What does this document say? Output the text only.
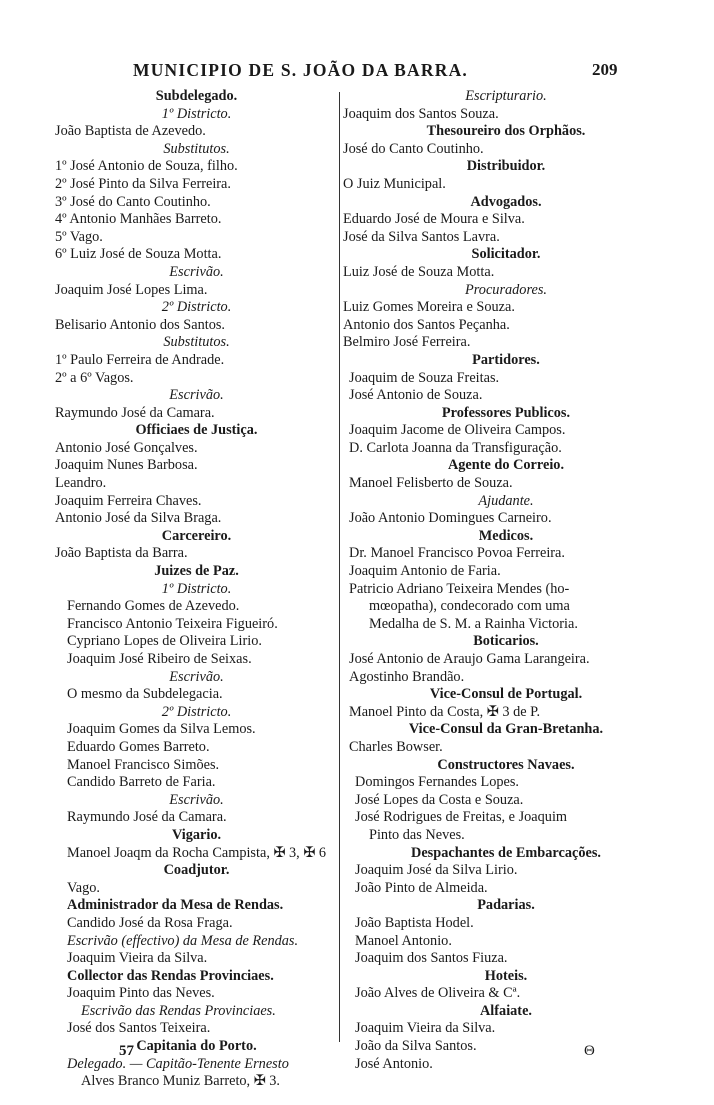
MUNICIPIO DE S. JOÃO DA BARRA.	209
Subdelegado.
1º Districto.
João Baptista de Azevedo.
Substitutos.
1º José Antonio de Souza, filho.
2º José Pinto da Silva Ferreira.
3º José do Canto Coutinho.
4º Antonio Manhães Barreto.
5º Vago.
6º Luiz José de Souza Motta.
Escrivão.
Joaquim José Lopes Lima.
2º Districto.
Belisario Antonio dos Santos.
Substitutos.
1º Paulo Ferreira de Andrade.
2º a 6º Vagos.
Escrivão.
Raymundo José da Camara.
Officiaes de Justiça.
Antonio José Gonçalves.
Joaquim Nunes Barbosa.
Leandro.
Joaquim Ferreira Chaves.
Antonio José da Silva Braga.
Carcereiro.
João Baptista da Barra.
Juizes de Paz.
1º Districto.
Fernando Gomes de Azevedo.
Francisco Antonio Teixeira Figueiró.
Cypriano Lopes de Oliveira Lirio.
Joaquim José Ribeiro de Seixas.
Escrivão.
O mesmo da Subdelegacia.
2º Districto.
Joaquim Gomes da Silva Lemos.
Eduardo Gomes Barreto.
Manoel Francisco Simões.
Candido Barreto de Faria.
Escrivão.
Raymundo José da Camara.
Vigario.
Manoel Joaqm da Rocha Campista, ✠ 3, ✠ 6
Coadjutor.
Vago.
Administrador da Mesa de Rendas.
Candido José da Rosa Fraga.
Escrivão (effectivo) da Mesa de Rendas.
Joaquim Vieira da Silva.
Collector das Rendas Provinciaes.
Joaquim Pinto das Neves.
Escrivão das Rendas Provinciaes.
José dos Santos Teixeira.
Capitania do Porto.
Delegado. — Capitão-Tenente Ernesto
Alves Branco Muniz Barreto, ✠ 3.
Escripturario.
Joaquim dos Santos Souza.
Thesoureiro dos Orphãos.
José do Canto Coutinho.
Distribuidor.
O Juiz Municipal.
Advogados.
Eduardo José de Moura e Silva.
José da Silva Santos Lavra.
Solicitador.
Luiz José de Souza Motta.
Procuradores.
Luiz Gomes Moreira e Souza.
Antonio dos Santos Peçanha.
Belmiro José Ferreira.
Partidores.
Joaquim de Souza Freitas.
José Antonio de Souza.
Professores Publicos.
Joaquim Jacome de Oliveira Campos.
D. Carlota Joanna da Transfiguração.
Agente do Correio.
Manoel Felisberto de Souza.
Ajudante.
João Antonio Domingues Carneiro.
Medicos.
Dr. Manoel Francisco Povoa Ferreira.
Joaquim Antonio de Faria.
Patricio Adriano Teixeira Mendes (ho-
mœopatha), condecorado com uma
Medalha de S. M. a Rainha Victoria.
Boticarios.
José Antonio de Araujo Gama Larangeira.
Agostinho Brandão.
Vice-Consul de Portugal.
Manoel Pinto da Costa, ✠ 3 de P.
Vice-Consul da Gran-Bretanha.
Charles Bowser.
Constructores Navaes.
Domingos Fernandes Lopes.
José Lopes da Costa e Souza.
José Rodrigues de Freitas, e Joaquim
Pinto das Neves.
Despachantes de Embarcações.
Joaquim José da Silva Lirio.
João Pinto de Almeida.
Padarias.
João Baptista Hodel.
Manoel Antonio.
Joaquim dos Santos Fiuza.
Hoteis.
João Alves de Oliveira & Cª.
Alfaiate.
Joaquim Vieira da Silva.
João da Silva Santos.
José Antonio.
57	Θ
